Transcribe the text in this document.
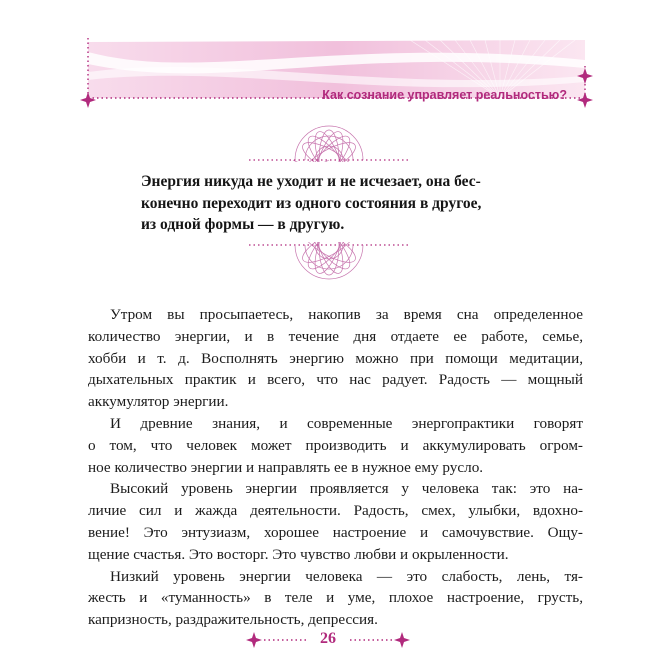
Как сознание управляет реальностью?
Энергия никуда не уходит и не исчезает, она бес-
конечно переходит из одного состояния в другое,
из одной формы — в другую.
Утром вы просыпаетесь, накопив за время сна определенное
количество энергии, и в течение дня отдаете ее работе, семье,
хобби и т. д. Восполнять энергию можно при помощи медитации,
дыхательных практик и всего, что нас радует. Радость — мощный
аккумулятор энергии.
И древние знания, и современные энергопрактики говорят
о том, что человек может производить и аккумулировать огром-
ное количество энергии и направлять ее в нужное ему русло.
Высокий уровень энергии проявляется у человека так: это на-
личие сил и жажда деятельности. Радость, смех, улыбки, вдохно-
вение! Это энтузиазм, хорошее настроение и самочувствие. Ощу-
щение счастья. Это восторг. Это чувство любви и окрыленности.
Низкий уровень энергии человека — это слабость, лень, тя-
жесть и «туманность» в теле и уме, плохое настроение, грусть,
капризность, раздражительность, депрессия.
26
